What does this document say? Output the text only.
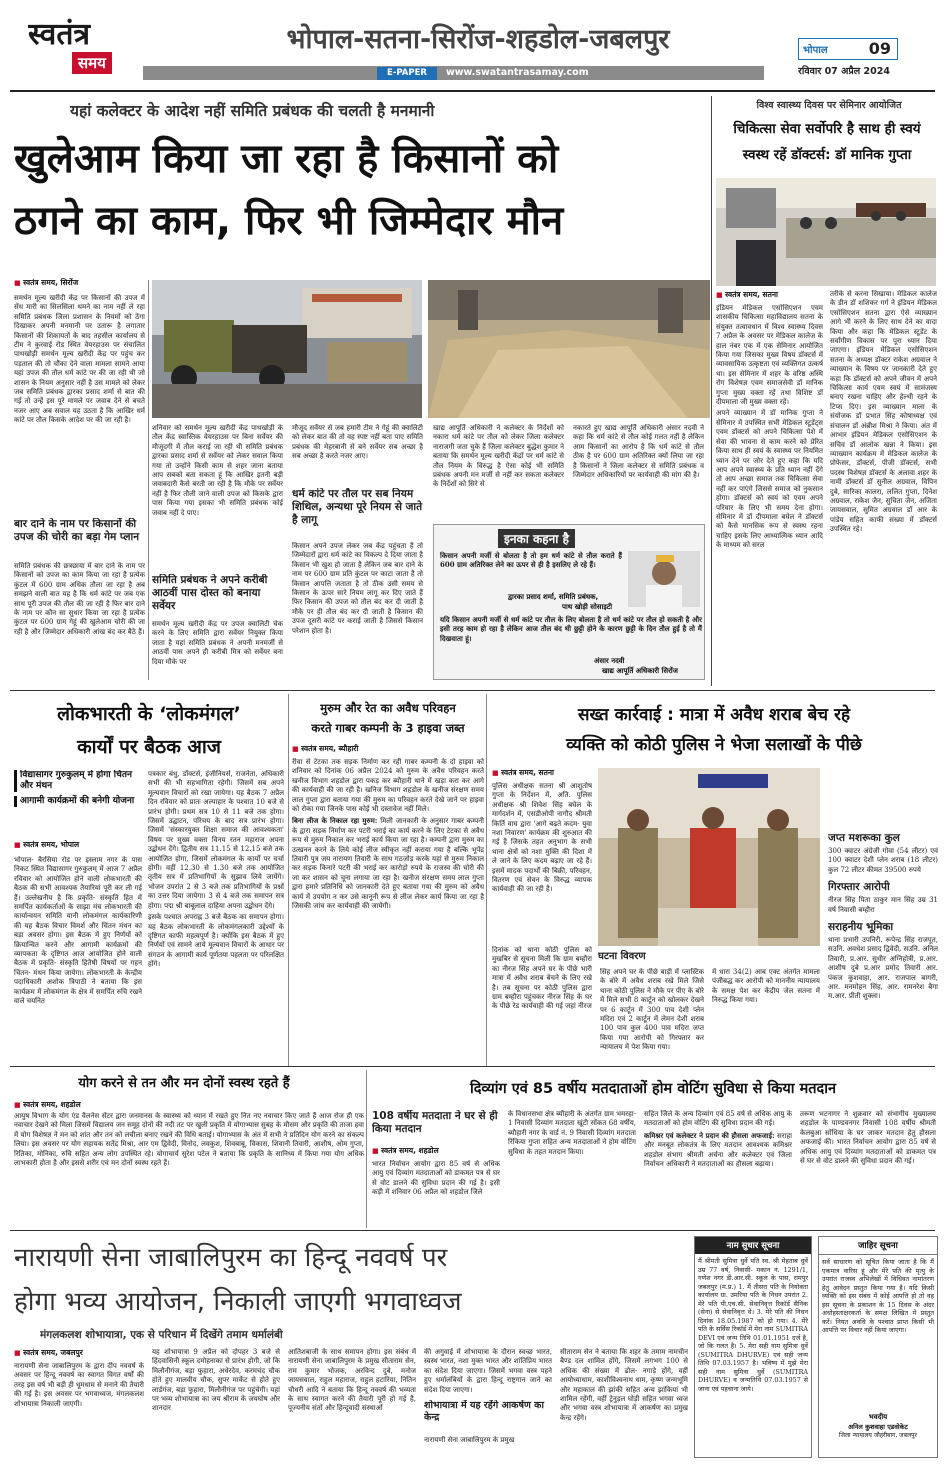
स्वतंत्र
समय
भोपाल-सतना-सिरोंज-शहडोल-जबलपुर
E-PAPER	www.swatantrasamay.com
भोपाल	09
रविवार 07 अप्रैल 2024
यहां कलेक्टर के आदेश नहीं समिति प्रबंधक की चलती है मनमानी
खुलेआम किया जा रहा है किसानों को
ठगने का काम, फिर भी जिम्मेदार मौन
■ स्वतंत्र समय, सिरोंज

समर्थन मूल्य खरीदी केंद्र पर किसानों की उपज में सेंध मारी का सिलसिला थमने का नाम नहीं ले रहा समिति प्रबंधक जिला प्रशासन के नियमों को ठेंगा दिखाकर अपनी मनमानी पर उतारू है लगातार किसानों की शिकायतों के बाद तहसील कार्यालय से टीम ने कुरवाई रोड स्थित वेयरहाउस पर संचालित पाथखोड़ी समर्थन मूल्य खरीदी केंद्र पर पहुंच कर पड़ताल की तो चौंका देने वाला मामला सामने आया यहां उपज की तौल धर्म कांटे पर की जा रही थी जो शासन के नियम अनुसार नहीं है उस मामले को लेकर जब समिति प्रबंधक द्वारका प्रसाद शर्मा से बात की गई तो उन्हें इस पूरे मामले पर जवाब देने से बचते नजर आए अब सवाल यह उठता है कि आखिर धर्म कांटे पर तौल किसके आदेश पर की जा रही है।

बार दाने के नाम पर किसानों की उपज की चोरी का बड़ा गेम प्लान

समिति प्रबंधक की छत्रछाया में बार दाने के नाम पर किसानों को उपज का काम किया जा रहा है प्रत्येक कुंटल में 600 ग्राम अधिक तौला जा रहा है अब समझने वाली बात यह है कि धर्म कांटे पर जब एक साथ पूरी उपज की तौल की जा रही है फिर बार दाने के नाम पर कौन सा सुधार किया जा रहा है प्रत्येक कुंटल पर 600 ग्राम गेहूं की खुलेआम चोरी की जा रही है और जिम्मेदार अधिकारी आंख बंद कर बैठे हैं।

शनिवार को समर्थन मूल्य खरीदी केंद्र पाथखोड़ी के तौल केंद्र स्वास्तिक वेयरहाउस पर बिना सर्वेयर की मौजूदगी में तौल कराई जा रही थी समिति प्रबंधक द्वारका प्रसाद शर्मा से सर्वेयर को लेकर सवाल किया गया तो उन्होंने किसी काम से शहर जाना बताया आप सबको बता सकता हूं कि आखिर इतनी बड़ी जवाबदारी कैसे बरती जा रही है कि मौके पर सर्वेयर नहीं है फिर तौली जाने वाली उपज को किसके द्वारा पास किया गया इसका भी समिति प्रबंधक कोई जवाब नहीं दे पाए।

समिति प्रबंधक ने अपने करीबी आठवीं पास दोस्त को बनाया सर्वेयर

समर्थन मूल्य खरीदी केंद्र पर उपज क्वालिटी चेक करने के लिए समिति द्वारा सर्वेयर नियुक्त किया जाता है यहां समिति प्रबंधक ने अपनी मनमर्जी से आठवीं पास अपने ही करीबी मित्र को सर्वेयर बना दिया मौके पर

मौजूद सर्वेयर से जब हमारी टीम ने गेहूं की क्वालिटी को लेकर बात की तो वह स्पष्ट नहीं बता पाए समिति प्रबंधक की मेहरबानी से बने सर्वेयर सब अच्छा है सब अच्छा है करते नजर आए।

धर्म कांटे पर तौल पर सब नियम शिथिल, अन्यथा पूरे नियम से जाते है लागू

किसान अपने उपज लेकर जब केंद्र पहुंचता है तो जिम्मेदारों द्वारा धर्म कांटे का विकल्प दे दिया जाता है किसान भी खुश हो जाता है लेकिन जब बार दाने के नाम पर 600 ग्राम प्रति कुंटल पर काटा जाता है तो किसान आपत्ति जताता है तो ठीक उसी समय से किसान के ऊपर सारे नियम लागू कर दिए जाते हैं फिर किसान की उपज को तौल बंद कर दी जाती है मौके पर ही तौल बंद कर दी जाती है किसान की उपज दूसरी कांटे पर कराई जाती है जिससे किसान परेशान होता है।

खाद्य आपूर्ति अधिकारी ने कलेक्टर के निर्देशों को नकारा धर्म कांटे पर तौल को लेकर जिला कलेक्टर नाराजगी जता चुके हैं जिला कलेक्टर बुद्धेश कुमार ने बताया कि समर्थन मूल्य खरीदी केंद्रों पर धर्म कांटे से तौल नियम के विरुद्ध है ऐसा कोई भी समिति प्रबंधक अपनी मन मर्जी से नहीं कर सकता कलेक्टर के निर्देशों को सिरे से

नकारते हुए खाद्य आपूर्ति अधिकारी अंसार नदवी ने कहा कि धर्म कांटे से तौल कोई गलत नहीं है लेकिन आम किसानों का आरोप है कि धर्म कांटे से तौल ठीक है पर 600 ग्राम अतिरिक्त क्यों लिया जा रहा है किसानों ने जिला कलेक्टर से समिति प्रबंधक व जिम्मेदार अधिकारियों पर कार्यवाही की मांग की है।

इनका कहना है
किसान अपनी मर्जी से बोलता है तो हम धर्म कांटे से तौल कराते हैं 600 ग्राम अतिरिक्त लेने का ऊपर से ही है इसलिए ले रहे हैं।
द्वारका प्रसाद शर्मा, समिति प्रबंधक,
पाथ खोड़ी सोसाइटी
यदि किसान अपनी मर्जी से धर्म कांटे पर तौल के लिए बोलता है तो धर्म कांटे पर तौल हो सकती है और इसी तरह काम हो रहा है लेकिन आज तौल बंद थी छुट्टी होने के कारण छुट्टी के दिन तौल हुई है तो मैं दिखवाता हूं।
अंसार नदवी
खाद्य आपूर्ति अधिकारी सिरोंज
विश्व स्वास्थ्य दिवस पर सेमिनार आयोजित
चिकित्सा सेवा सर्वोपरि है साथ ही स्वयं
स्वस्थ रहें डॉक्टर्स: डॉ मानिक गुप्ता
■ स्वतंत्र समय, सतना

इंडियन मेडिकल एसोसिएशन एवम शासकीय चिकित्सा महाविद्यालय सतना के संयुक्त तत्वावधान में विश्व स्वास्थ्य दिवस 7 अप्रैल के अवसर पर मेडिकल कालेज के हाल नंबर एक में एक सेमिनार आयोजित किया गया जिसका मुख्य विषय डॉक्टर्स में व्यावसायिक उत्कृष्टता एवं व्यक्तिगत उत्कर्ष था। इस सेमिनार में शहर के वरिष्ठ अस्थि रोग विशेषज्ञ एवम समाजसेवी डॉ मानिक गुप्ता मुख्य वक्ता रहें तथा विशिष्ट डॉ दीपमाला जी मुख्य वक्ता रहें।

अपने व्याख्यान में डॉ मानिक गुप्ता ने सेमिनार में उपस्थित सभी मेडिकल स्टूडेंट्स एवम डॉक्टर्स को अपने चिकित्सा पेशे में सेवा की भावना से काम करने को प्रेरित किया साथ ही स्वयं के स्वास्थ्य पर नियमित ध्यान देने पर जोर देते हुए कहा कि यदि आप अपने स्वास्थ्य के प्रति ध्यान नहीं देंगे तो आप अच्छा समाज तक चिकित्सा सेवा नहीं कर पाएंगे जिससे समाज को नुकसान होगा। डॉक्टर्स को स्वयं को एवम अपने परिवार के लिए भी समय देना होगा। सेमिनार में डॉ दीपमाला बघेल ने डॉक्टर्स को कैसे मानसिक रूप से स्वस्थ रहना चाहिए इसके लिए आध्यात्मिक ध्यान आदि के माध्यम को सरल

तरीके से करना सिखाया। मेडिकल कालेज के डीन डॉ शशिकर गर्ग ने इंडियन मेडिकल एसोसिएशन सतना द्वारा ऐसे व्याख्यान आगे भी करने के लिए साथ देने का वादा किया और कहा कि मेडिकल स्टूडेंट के सर्वांगीण विकास पर पूरा ध्यान दिया जाएगा। इंडियन मेडिकल एसोसिएशन सतना के अध्यक्ष डॉक्टर राकेश अग्रवाल ने व्याख्यान के विषय पर जानकारी देते हुए कहा कि डॉक्टर्स को अपने जीवन में अपने चिकित्सा कार्य एवम स्वयं में सामंजस्य बनाए रखना चाहिए और हेल्थी रहने के टिप्स दिए। इस व्याख्यान माला के संयोजक डॉ प्रभात सिंह कोषाध्यक्ष एवं संचालन डॉ अंब्रीश मिश्रा ने किया। अंत में आभार इंडियन मेडिकल एसोसिएशन के सचिव डॉ आलोक खन्ना ने किया। इस व्याख्यान कार्यक्रम में मेडिकल कालेज के प्रोफेसर, डॉक्टर्स, पीजी डॉक्टर्स, सभी पदस्थ विशेषज्ञ डॉक्टर्स के अलावा शहर के नामी डॉक्टर्स डॉ सुनील अग्रवाल, विपिन दुबे, सारिका कालरा, ललित गुप्ता, दिनेश अग्रवाल, राकेश जैन, सुचिता जैन, अजिता जायसवाल, सुमित अग्रवाल डॉ आर के पांडेय सहित काफी संख्या में डॉक्टर्स उपस्थित रहे।

लोकभारती के ‘लोकमंगल’
कार्यों पर बैठक आज
विद्यासागर गुरुकुलम् में होगा चिंतन और मंथन
आगामी कार्यक्रमों की बनेगी योजना
■ स्वतंत्र समय, भोपाल

भोपाल- बैरसिया रोड पर इस्लाम नगर के पास निकट स्थित विद्यासागर गुरुकुलम् में आज 7 अप्रैल रविवार को आयोजित होने वाली लोकभारती की बैठक की सभी आवश्यक तैयारियां पूरी कर ली गई हैं। उल्लेखनीय है कि प्रकृति- संस्कृति हित में समर्पित कार्यकर्ताओं के साझा मंच लोकभारती की कार्यान्वयन समिति यानी लोकमंगल कार्यकारिणी की यह बैठक विचार विमर्श और चिंतन मंथन का बड़ा अवसर होगा। इस बैठक में हुए निर्णयों को क्रियान्वित करने और आगामी कार्यक्रमों की व्यापकता के दृष्टिगत आज आयोजित होने वाली बैठक में प्रकृति- संस्कृति हितैषी विषयों पर गहन चिंतन- मंथन किया जायेगा। लोकभारती के केन्द्रीय पदाधिकारी अशोक त्रिपाठी ने बताया कि इस कार्यक्रम में लोकमंगल के क्षेत्र में समर्पित रुचि रखने वाले चयनित

पत्रकार बंधु, डॉक्टर्स, इंजीनियर्स, राजनेता, अधिकारी सभी की भी सहभागिता रहेगी। जिसमें सब अपने मूल्यवान विचारों को रखा जायेगा। यह बैठक 7 अप्रैल दिन रविवार को प्रातः अल्पाहार के पश्चात 10 बजे से प्रारंभ होगी। प्रथम सत्र 10 से 11 बजे तक होगा। जिसमें उद्घाटन, परिचय के बाद सत्र प्रारंभ होगा। जिसमें 'संस्कारयुक्त शिक्षा समाज की आवश्यकता' विषय पर मुख्य वक्ता विनय रतन महाराज अपना उद्बोधन देंगे। द्वितीय सत्र 11.15 से 12.15 बजे तक आयोजित होगा, जिसमें लोकमंगल के कार्यों पर चर्चा होगी। वहीं 12.30 से 1.30 बजे तक आयोजित तृतीय सत्र में प्रतिभागियों के सुझाव लिये जायेंगे। भोजन उपरांत 2 से 3 बजे तक प्रतिभागियों के प्रश्नों का उत्तर दिया जायेगा। 3 से 4 बजे तक समापन सत्र होगा। पद्म श्री बाबूलाल दाहिया अपना उद्बोधन देंगे।

इसके पश्चात अपराह्न 3 बजे बैठक का समापन होगा। यह बैठक लोकभारती के लोकमंगलकारी उद्देश्यों के दृष्टिगत काफी महत्वपूर्ण है। क्योंकि इस बैठक में हुए निर्णयों एवं सामने आये मूल्यवान विचारों के आधार पर संगठन के आगामी कार्य पूर्णतया पहलता पर परिलक्षित होंगे।

मुरुम और रेत का अवैध परिवहन
करते गाबर कम्पनी के 3 हाइवा जब्त
■ स्वतंत्र समय, ब्यौहारी

रीवा से टेटका तक सड़क निर्माण कर रही गाबर कम्पनी के दो हाइवा को शनिवार को दिनांक 06 अप्रैल 2024 को मुरुम के अवैध परिवहन करते खनीज विभाग शहडोल द्वारा पकड़ कर ब्यौहारी थाने में खड़ा करा कर आगे की कार्यवाही की जा रही है। खनिज विभाग शहडोल के खनीज संरक्षण समय लाल गुप्ता द्वारा बताया गया की मुरुम का परिवहन करते देखे जाने पर हाइवा को रोका गया जिनके पास कोई भी दस्तावेज नहीं मिले।

बिना लीज के निकाल रहा मुरुम: मिली जानकारी के अनुसार गाबर कम्पनी के द्वारा सड़क निर्माण कर पटरी भराई का कार्य करने के लिए टेटका से अवैध रूप से मुरुम निकाल कर भराई कार्य किया जा रहा है। कम्पनी द्वारा मुरुम का उत्खनन करने के लिये कोई लीज स्वीकृत नहीं कराया गया है बल्कि भूपेंद्र तिवारी पुत्र जय नारायण तिवारी के साथ गठजोड़ करके यहां से मुरुम निकाल कर सड़क किनारे पटरी की भराई कर कारोड़ो रुपये के राजस्व की चोरी की जा कर शासन को चूना लगाया जा रहा है। खनीज संरक्षण समय लाल गुप्ता द्वारा हमारे प्रतिनिधि को जानकारी देते हुए बताया गया की मुरुम को अवैध कार्य में उपयोग न कर उसे कानूनी रूप से लीज लेकर कार्य किया जा रहा है जिसकी जांच कर कार्यवाही की जायेगी।

सख्त कार्रवाई : मात्रा में अवैध शराब बेच रहे
व्यक्ति को कोठी पुलिस ने भेजा सलाखों के पीछे
■ स्वतंत्र समय, सतना

पुलिस अधीक्षक सतना श्री आशुतोष गुप्ता के निर्देशन में, अति. पुलिस अधीक्षक श्री शिवेश सिंह बघेल के मार्गदर्शन में, एसडीओपी नागौद श्रीमती किर्ति वाघ द्वारा 'आगे बढ़ते कदम- युवा नशा निवारण' कार्यक्रम की शुरुआत की गई है जिसके तहत अनुभाग के सभी थाना क्षेत्रों को नशा मुक्ति की दिशा में ले जाने के लिए कदम बढ़ाए जा रहे हैं। इसमें मादक पदार्थों की बिक्री, परिवहन, वितरण एवं सेवन के विरुद्ध व्यापक कार्यवाही की जा रही है।

घटना विवरण

दिनांक को थाना कोठी पुलिस को मुखबिर से सूचना मिली कि ग्राम बम्हौरा का नीरज सिंह अपने घर के पीछे भारी मात्रा में अवैध शराब बेचने के लिए रखे है। तब सूचना पर कोठी पुलिस द्वारा ग्राम बम्हौरा पहुंचकर नीरज सिंह के घर के पीछे रेड कार्यवाही की गई जहां नीरज

सिंह अपने घर के पीछे बाड़ी में प्लास्टिक के बोरे में अवैध शराब रखे मिले जिसे थाना कोठी पुलिस ने मौके पर पीए के बोरे में मिले सभी 8 कार्टून को खोलकर देखने पर 6 कार्टून में 300 पाव देशी प्लेन मदिरा एवं 2 कार्टून में लेमन देशी शराब 100 पाव कुल 400 पाव मदिरा जप्त किया गया आरोपी को गिरफ्तार कर न्यायालय में पेश किया गया।

में धारा 34(2) आब एक्ट अंतर्गत मामला पंजीबद्ध कर आरोपी को माननीय न्यायालय के समक्ष पेश कर केंद्रीय जेल सतना में निरुद्ध किया गया।

जप्त मशरूका कुल
300 क्वाटर अंग्रेजी गोवा (54 लीटर) एवं 100 क्वाटर देशी प्लेन शराब (18 लीटर) कुल 72 लीटर कीमत 39500 रुपये
गिरफ्तार आरोपी
नीरज सिंह पिता ठाकुर मान सिंह उम्र 31 वर्ष निवासी बम्हौरा
सराहनीय भूमिका
थाना प्रभारी उपनिरी. रूपेन्द्र सिंह राजपूत, सउनि. अवधेश प्रसाद द्विवेदी, सउनि. अनिल तिवारी, प्र.आर. सुधीर अग्निहोत्री, प्र.आर. आशीष दुबे प्र.आर प्रमोद तिवारी आर. पंकज कुशवाहा, आर. राजपाल बागरी, आर. मनमोहन सिंह, आर. रामनरेश बैगा म.आर. प्रीती शुक्ला।
योग करने से तन और मन दोनों स्वस्थ रहते हैं
■ स्वतंत्र समय, शहडोल

आयुष विभाग के योग एंड वैलनेस सेंटर द्वारा जनमानस के स्वास्थ्य को ध्यान में रखते हुए नित नए नवाचार किए जाते हैं आज रोज ही एक नवाचार देखने को मिला जिसमें विद्यालय जन समूह दोनों की नदी तट पर खुली प्रकृति में योगाभ्यास सुबह के मौसम और प्रकृति की ताजा हवा में योग विशेषज्ञ ने मन को शांत और तन को लचीला बनाए रखने की विधि बताई। योगाभ्यास के अंत में सभी ने प्रतिदिन योग करने का संकल्प लिया। इस अवसर पर योग सहायक सतेंद्र मिश्रा, आर एम द्विवेदी, विनोद, लवकुश, शिवबाबू, विकास, शिवानी तिवारी, आशीष, ओम गुप्ता, रितिका, मोनिका, रुचि सहित अन्य लोग उपस्थित रहे। योगाचार्य सुरेश पटेल ने बताया कि प्रकृति के सानिध्य में किया गया योग अधिक लाभकारी होता है और इससे शरीर एवं मन दोनों स्वस्थ रहते हैं।

दिव्यांग एवं 85 वर्षीय मतदाताओं होम वोटिंग सुविधा से किया मतदान
108 वर्षीय मतदाता ने घर से ही किया मतदान
■ स्वतंत्र समय, शहडोल

भारत निर्वाचन आयोग द्वारा 85 वर्ष से अधिक आयु एवं दिव्यांग मतदाताओं को डाकमत पत्र से घर से वोट डालने की सुविधा प्रदान की गई है। इसी कड़ी में शनिवार 06 अप्रैल को शहडोल जिले

के विधानसभा क्षेत्र ब्यौहारी के अंतर्गत ग्राम भमरहा- 1 निवासी दिव्यांग मतदाता खूंटी सोंकत 68 वर्षीय, ब्यौहारी नगर के वार्ड नं. 9 निवासी दिव्यांग मतदाता रिंकिया गुप्ता सहित अन्य मतदाताओं ने होम वोटिंग सुविधा के तहत मतदान किया।

सहित जिले के अन्य दिव्यांग एवं 85 वर्ष से अधिक आयु के मतदाताओं को होम वोटिंग की सुविधा प्रदान की गई।

कमिश्नर एवं कलेक्टर ने प्रदान की हौसला अफजाई: सराहा और मनबूत लोकतंत्र के लिए मतदान आवश्यक कमिश्नर शहडोल संभाग श्रीमती अर्चना और कलेक्टर एवं जिला निर्वाचन अधिकारी ने मतदाताओं का हौसला बढ़ाया।

तरूण भटनागर ने शुक्रवार को संभागीय मुख्यालय शहडोल के पाण्डवनगर निवासी 108 वर्षीय श्रीमती केलबुआ सोंधिया के घर जाकर मतदान हेतु हौसला अफजाई की। भारत निर्वाचन आयोग द्वारा 85 वर्ष से अधिक आयु एवं दिव्यांग मतदाताओं को डाकमत पत्र से घर से वोट डालने की सुविधा प्रदान की गई।

नारायणी सेना जाबालिपुरम का हिन्दू नववर्ष पर
होगा भव्य आयोजन, निकाली जाएगी भगवाध्वज
मंगलकलश शोभायात्रा, एक से परिधान में दिखेंगे तमाम धर्मालंबी
■ स्वतंत्र समय, जबलपुर

नारायणी सेना जाबालिपुरम के द्वारा दीप नववर्ष के अवसर पर हिन्दू नववर्ष का स्वागत विगत वर्षों की तरह इस वर्ष भी बड़ी ही धूमधाम से मनाने की तैयारी की गई है। इस अवसर पर भगवाध्वज, मंगलकलश शोभायात्रा निकाली जाएगी।

यह शोभायात्रा 9 अप्रैल को दोपहर 3 बजे से हिंदवासिनी स्कूल दमोहनाका से प्रारंभ होगी, जो कि मिलौनीगंज, बड़ा फुहारा, अधेरदेव, करमचंद चौक होते हुए मालवीय चौक, सुपर मार्केट से होते हुए लार्डगंज, बड़ा फुहारा, मिलौनीगंज पर पहुंचेगी। यहां पर भव्य शोभायात्रा का जय श्रीराम के जयघोष और शानदार

आतिशबाजी के साथ समापन होगा। इस संबंध में नारायणी सेना जाबालिपुरम के प्रमुख सीताराम सेन, राम कुमार भोजक, अरविन्द दुबे, मनोज जायसवाल, राहुल महाराज, राहुल हटारिया, नितिन चौधरी आदि ने बताया कि हिन्दू नववर्ष की भव्यता के साथ स्वागत करने की तैयारी पूरी हो गई है, पूज्यनीय संतों और हिन्दूवादी संस्थाओं

की अगुवाई में शोभायात्रा के दौरान स्वच्छ भारत, स्वस्थ भारत, नशा मुक्त भारत और शांतिप्रिय भारत का संदेश दिया जाएगा। जिसमें भगवा वस्त्र पहने हुए धर्मालंबियों के द्वारा हिन्दू राष्ट्रगान जाने का संदेश दिया जाएगा।

शोभायात्रा में यह रहेंगे आकर्षण का केन्द्र

नारायणी सेना जाबालिपुरम के प्रमुख

सीताराम सेन ने बताया कि शहर के तमाम नामचीन बैण्ड दल शामिल होंगे, जिसमें लगभग 100 से अधिक की संख्या में ढोल- नगाड़े होंगे, वहीं आयोध्याधाम, काशीविश्वनाथ धाम, कृष्ण जन्मभूमि और महाकाल की झांकी सहित अन्य झांकियां भी शामिल रहेंगी, वहीं ट्रेनुड़ल घोड़ी सहित भगवा ध्वज और भगवा वस्त्र शोभायात्रा में आकर्षण का प्रमुख केन्द्र रहेंगे।

नाम सुधार सूचना
मैं श्रीमती सुमित्रा धुर्वे पति स्व. श्री मेहताब धुर्वे उम्र 77 वर्ष, निवासी- मकान नं. 1291/1, गणेश नगर डी.आर.सी. स्कूल के पास, रामपुर जबलपुर (म.प्र.) 1. मैं तीसरा पति के नियोक्ता कार्यालय ग्रा. उमरिया पति के निधन उपरांत 2. मेरे पति पी.एच.सी. सेवानिवृत्त रिकॉर्ड सैनिक (सेना) से सेवानिवृत्त थे। 3. मेरे पति की निधन दिनांक 18.05.1987 को हो गया। 4. मेरे पति के सर्विस रिकॉर्ड में मेरा नाम SUMITRA DEVI एवं जन्म तिथि 01.01.1951 दर्ज है, जो कि गलत है। 5. मेरा सही नाम सुमित्रा धुर्वे (SUMITRA DHURVE) एवं सही जन्म तिथि 07.03.1957 है। भविष्य में मुझे मेरा सही नाम सुमित्रा धुर्वे (SUMITRA DHURVE) व जन्मतिथि 07.03.1957 से जाना एवं पहचाना जाये।
जाहिर सूचना
सर्व साधारण को सूचित किया जाता है कि मैं एकमात्र वारिस हूं और मेरे पति की मृत्यु के उपरांत राजस्व अभिलेखों में विधिवत नामांतरण हेतु आवेदन प्रस्तुत किया गया है। यदि किसी व्यक्ति को इस संबंध में कोई आपत्ति हो तो वह इस सूचना के प्रकाशन के 15 दिवस के अंदर अधोहस्ताक्षरकर्ता के समक्ष लिखित में प्रस्तुत करें। नियत अवधि के पश्चात प्राप्त किसी भी आपत्ति पर विचार नहीं किया जाएगा।
भवदीय
अनिल कुशवाहा एडवोकेट
जिला न्यायालय जौहरीबाग, जबलपुर
